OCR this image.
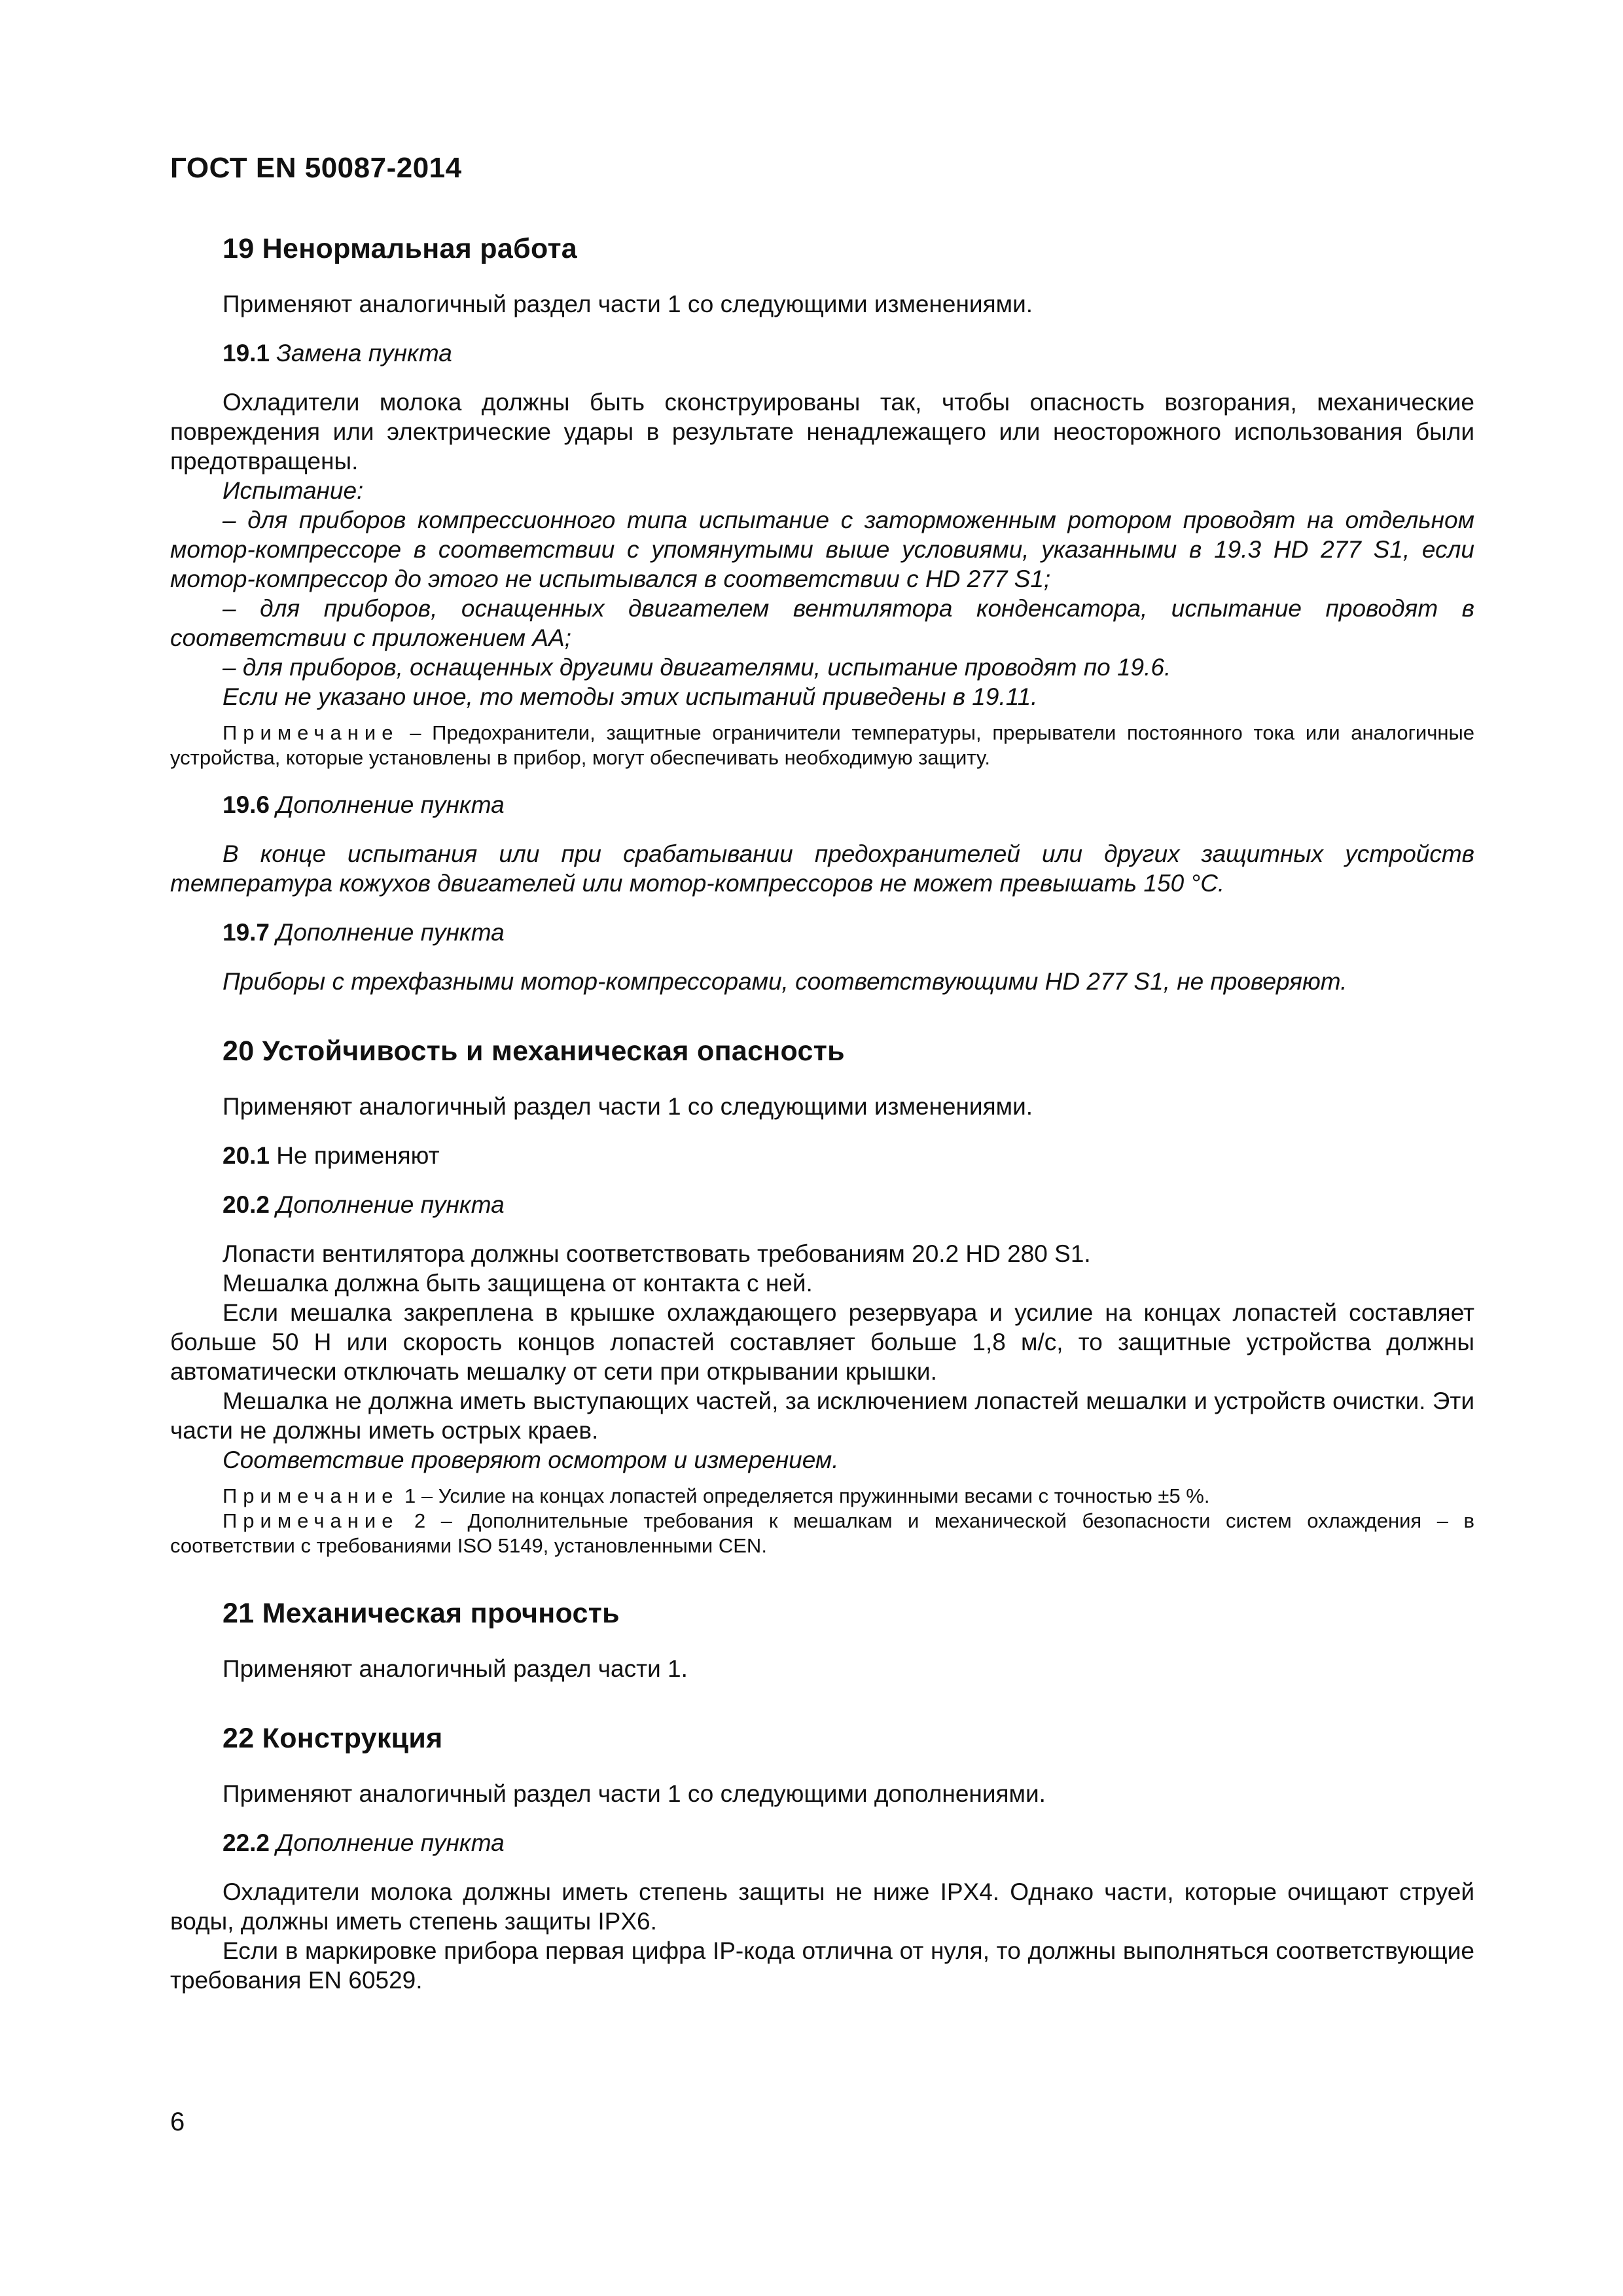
ГОСТ EN 50087-2014
19 Ненормальная работа

Применяют аналогичный раздел части 1 со следующими изменениями.

19.1 Замена пункта

Охладители молока должны быть сконструированы так, чтобы опасность возгорания, механические повреждения или электрические удары в результате ненадлежащего или неосторожного использования были предотвращены.

Испытание:

– для приборов компрессионного типа испытание с заторможенным ротором проводят на отдельном мотор-компрессоре в соответствии с упомянутыми выше условиями, указанными в 19.3 HD 277 S1, если мотор-компрессор до этого не испытывался в соответствии с HD 277 S1;

– для приборов, оснащенных двигателем вентилятора конденсатора, испытание проводят в соответствии с приложением АА;

– для приборов, оснащенных другими двигателями, испытание проводят по 19.6.

Если не указано иное, то методы этих испытаний приведены в 19.11.

Примечание – Предохранители, защитные ограничители температуры, прерыватели постоянного тока или аналогичные устройства, которые установлены в прибор, могут обеспечивать необходимую защиту.

19.6 Дополнение пункта

В конце испытания или при срабатывании предохранителей или других защитных устройств температура кожухов двигателей или мотор-компрессоров не может превышать 150 °С.

19.7 Дополнение пункта

Приборы с трехфазными мотор-компрессорами, соответствующими HD 277 S1, не проверяют.

20 Устойчивость и механическая опасность

Применяют аналогичный раздел части 1 со следующими изменениями.

20.1 Не применяют

20.2 Дополнение пункта

Лопасти вентилятора должны соответствовать требованиям 20.2 HD 280 S1.

Мешалка должна быть защищена от контакта с ней.

Если мешалка закреплена в крышке охлаждающего резервуара и усилие на концах лопастей составляет больше 50 Н или скорость концов лопастей составляет больше 1,8 м/с, то защитные устройства должны автоматически отключать мешалку от сети при открывании крышки.

Мешалка не должна иметь выступающих частей, за исключением лопастей мешалки и устройств очистки. Эти части не должны иметь острых краев.

Соответствие проверяют осмотром и измерением.

Примечание 1 – Усилие на концах лопастей определяется пружинными весами с точностью ±5 %.

Примечание 2 – Дополнительные требования к мешалкам и механической безопасности систем охлаждения – в соответствии с требованиями ISO 5149, установленными CEN.

21 Механическая прочность

Применяют аналогичный раздел части 1.

22 Конструкция

Применяют аналогичный раздел части 1 со следующими дополнениями.

22.2 Дополнение пункта

Охладители молока должны иметь степень защиты не ниже IPX4. Однако части, которые очищают струей воды, должны иметь степень защиты IPX6.

Если в маркировке прибора первая цифра IP-кода отлична от нуля, то должны выполняться соответствующие требования EN 60529.

6
